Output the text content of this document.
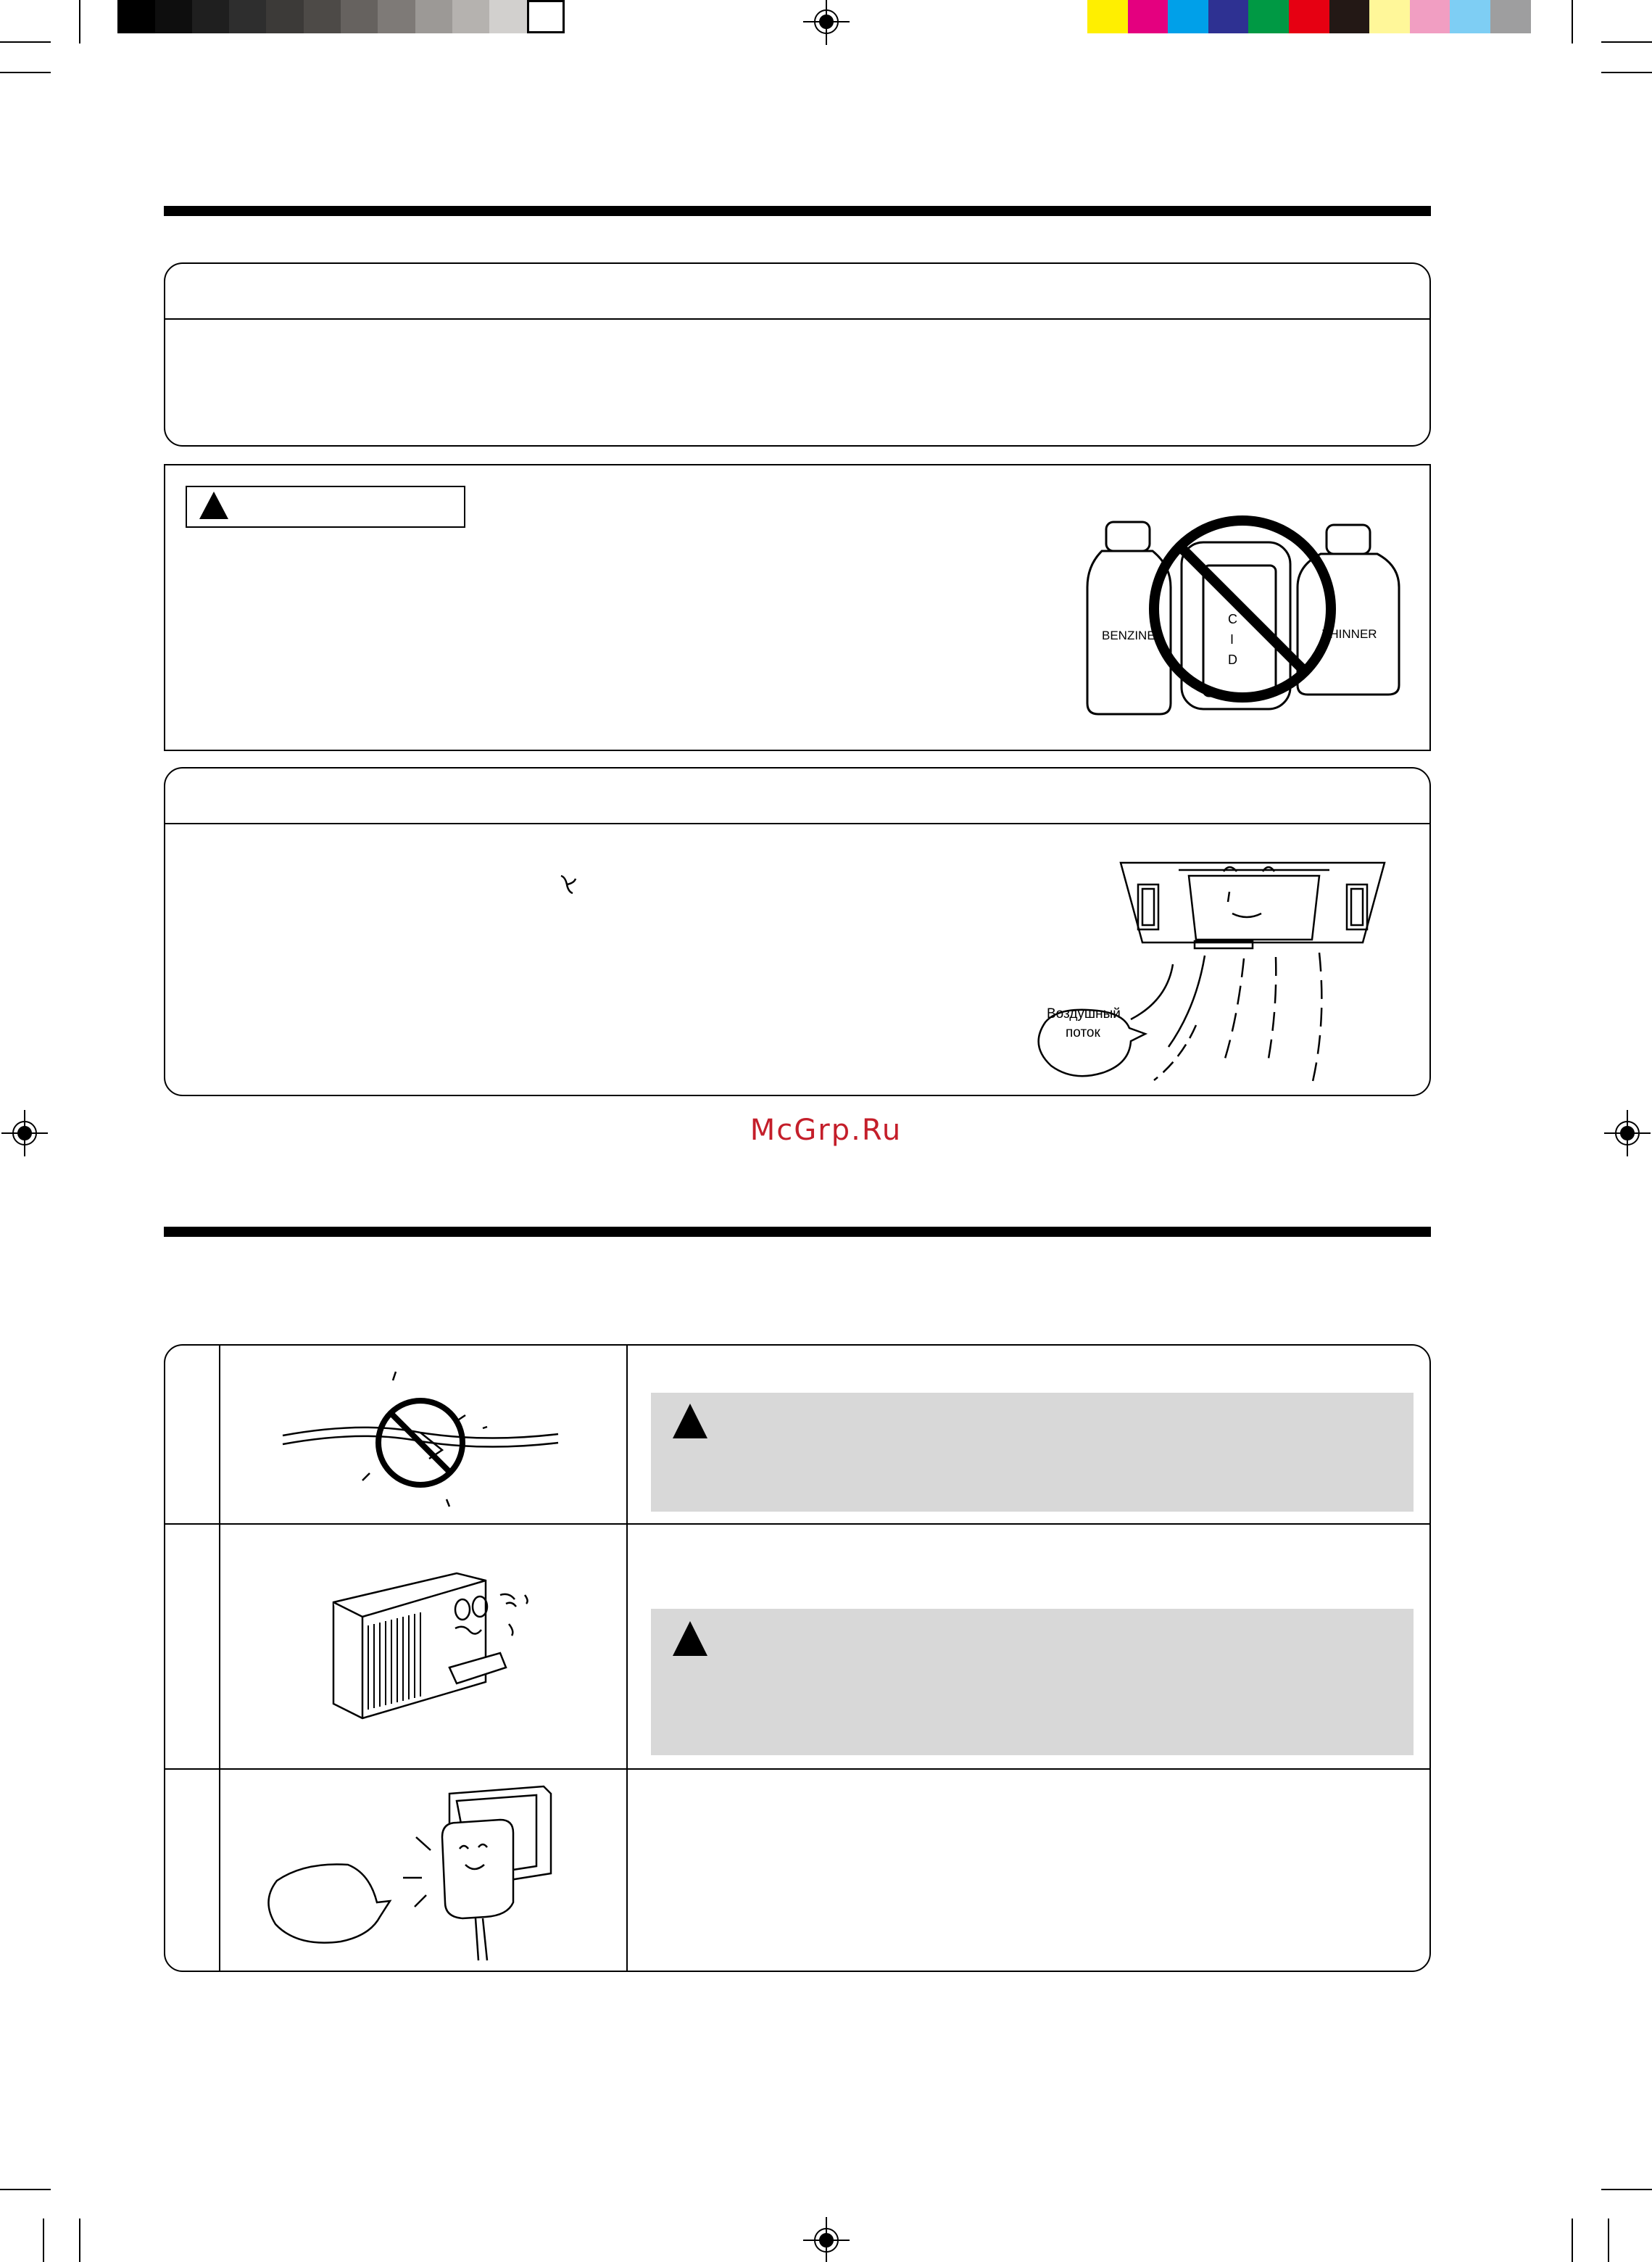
BENZINE	THINNER
C
I
D
Воздушный
поток
McGrp.Ru
